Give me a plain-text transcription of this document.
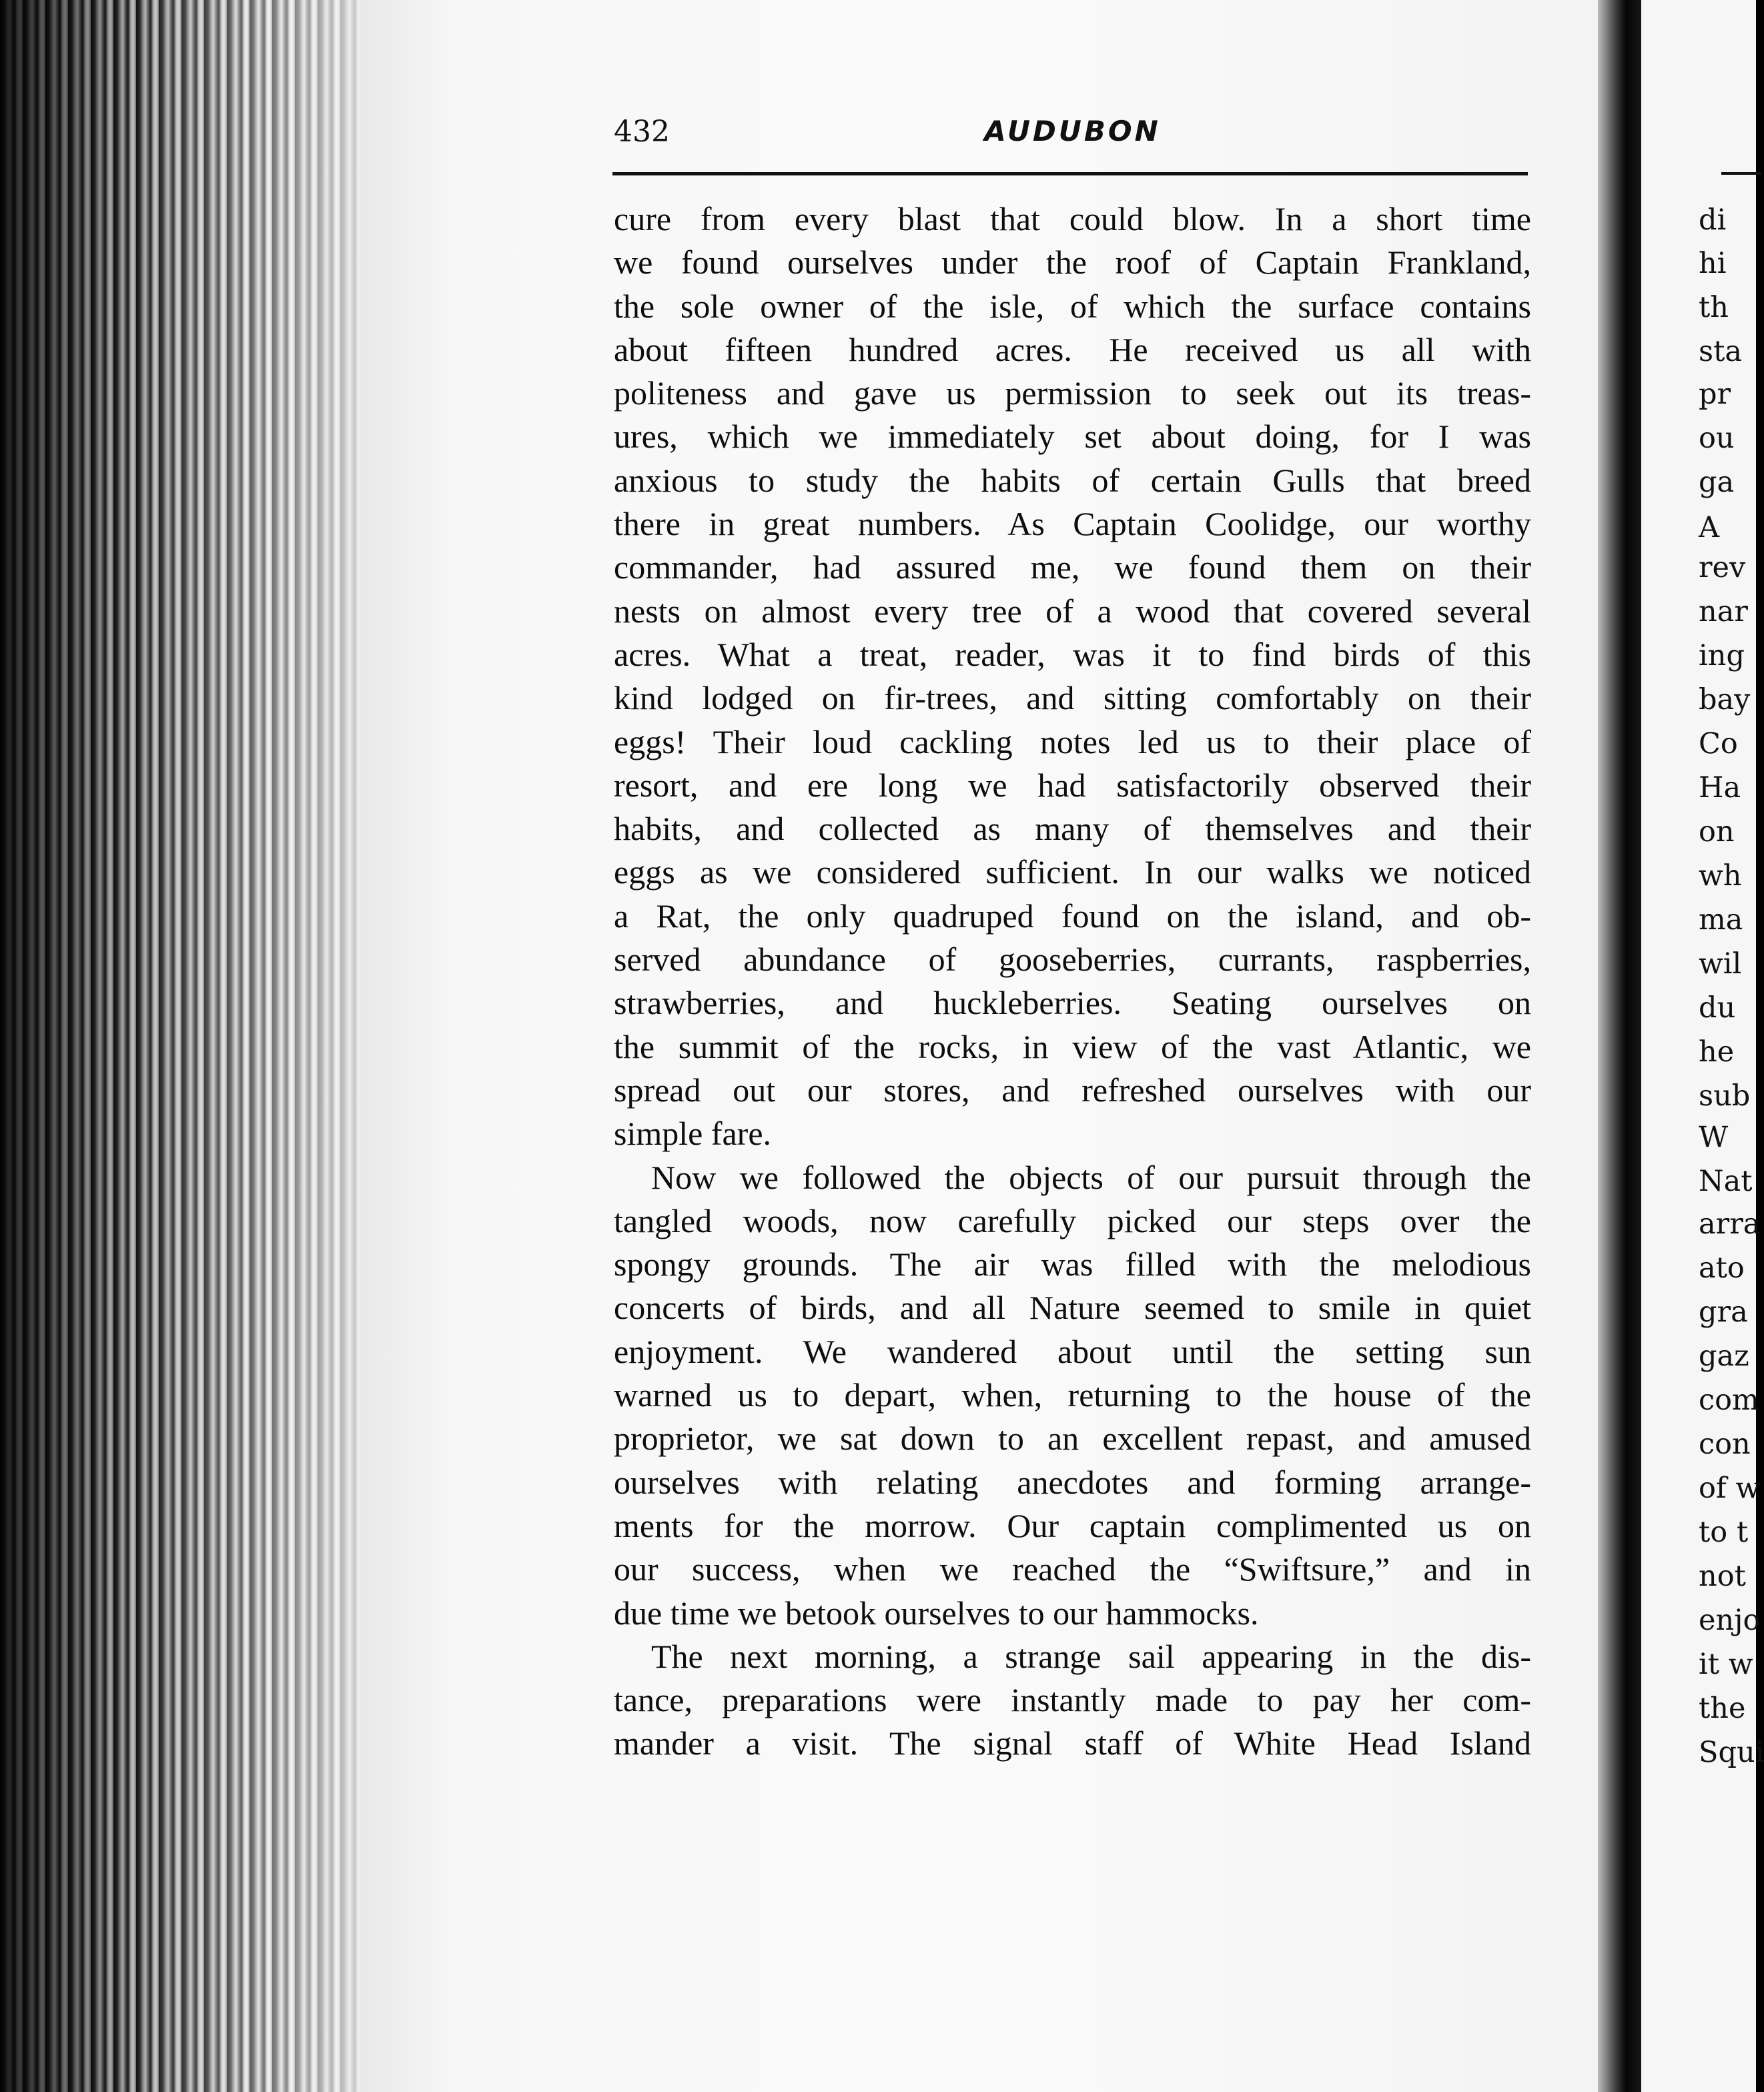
di
hi
th
sta
pr
ou
ga
A
rev
nar
ing
bay
Co
Ha
on
wh
ma
wil
du
he
sub
W
Nat
arra
ato
gra
gaz
com
con
of w
to t
not
enjo
it w
the
Squi
432	AUDUBON
cure from every blast that could blow. In a short time
we found ourselves under the roof of Captain Frankland,
the sole owner of the isle, of which the surface contains
about fifteen hundred acres. He received us all with
politeness and gave us permission to seek out its treas-
ures, which we immediately set about doing, for I was
anxious to study the habits of certain Gulls that breed
there in great numbers. As Captain Coolidge, our worthy
commander, had assured me, we found them on their
nests on almost every tree of a wood that covered several
acres. What a treat, reader, was it to find birds of this
kind lodged on fir-trees, and sitting comfortably on their
eggs! Their loud cackling notes led us to their place of
resort, and ere long we had satisfactorily observed their
habits, and collected as many of themselves and their
eggs as we considered sufficient. In our walks we noticed
a Rat, the only quadruped found on the island, and ob-
served abundance of gooseberries, currants, raspberries,
strawberries, and huckleberries. Seating ourselves on
the summit of the rocks, in view of the vast Atlantic, we
spread out our stores, and refreshed ourselves with our
simple fare.
Now we followed the objects of our pursuit through the
tangled woods, now carefully picked our steps over the
spongy grounds. The air was filled with the melodious
concerts of birds, and all Nature seemed to smile in quiet
enjoyment. We wandered about until the setting sun
warned us to depart, when, returning to the house of the
proprietor, we sat down to an excellent repast, and amused
ourselves with relating anecdotes and forming arrange-
ments for the morrow. Our captain complimented us on
our success, when we reached the “Swiftsure,” and in
due time we betook ourselves to our hammocks.
The next morning, a strange sail appearing in the dis-
tance, preparations were instantly made to pay her com-
mander a visit. The signal staff of White Head Island
